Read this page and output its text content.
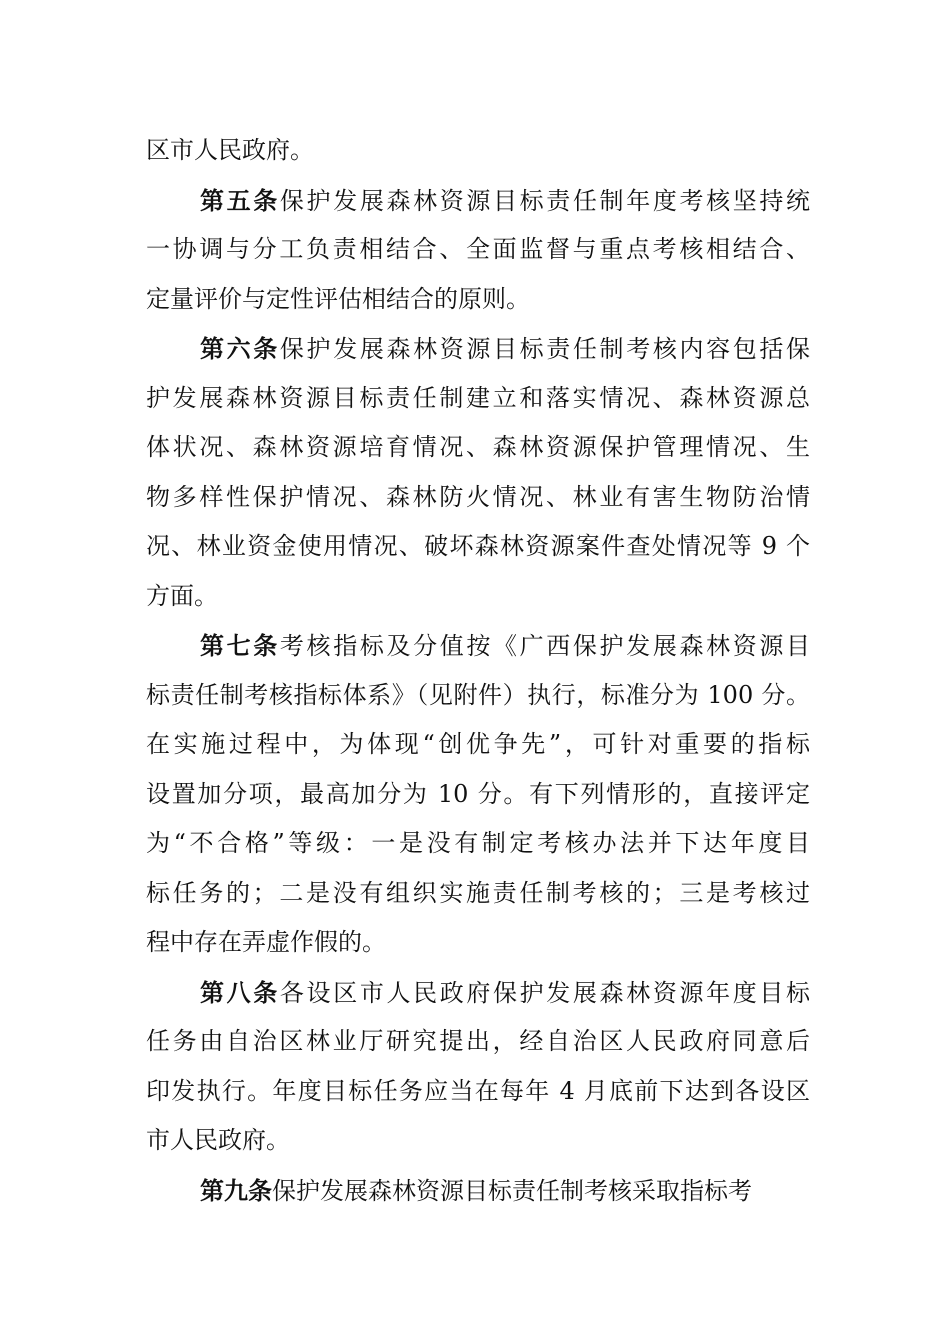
区市人民政府。
第五条保护发展森林资源目标责任制年度考核坚持统
一协调与分工负责相结合、全面监督与重点考核相结合、
定量评价与定性评估相结合的原则。
第六条保护发展森林资源目标责任制考核内容包括保
护发展森林资源目标责任制建立和落实情况、森林资源总
体状况、森林资源培育情况、森林资源保护管理情况、生
物多样性保护情况、森林防火情况、林业有害生物防治情
况、林业资金使用情况、破坏森林资源案件查处情况等 9 个
方面。
第七条考核指标及分值按《广西保护发展森林资源目
标责任制考核指标体系》（见附件）执行，标准分为 100 分。
在实施过程中，为体现“创优争先”，可针对重要的指标
设置加分项，最高加分为 10 分。有下列情形的，直接评定
为“不合格”等级：一是没有制定考核办法并下达年度目
标任务的；二是没有组织实施责任制考核的；三是考核过
程中存在弄虚作假的。
第八条各设区市人民政府保护发展森林资源年度目标
任务由自治区林业厅研究提出，经自治区人民政府同意后
印发执行。年度目标任务应当在每年 4 月底前下达到各设区
市人民政府。
第九条保护发展森林资源目标责任制考核采取指标考
